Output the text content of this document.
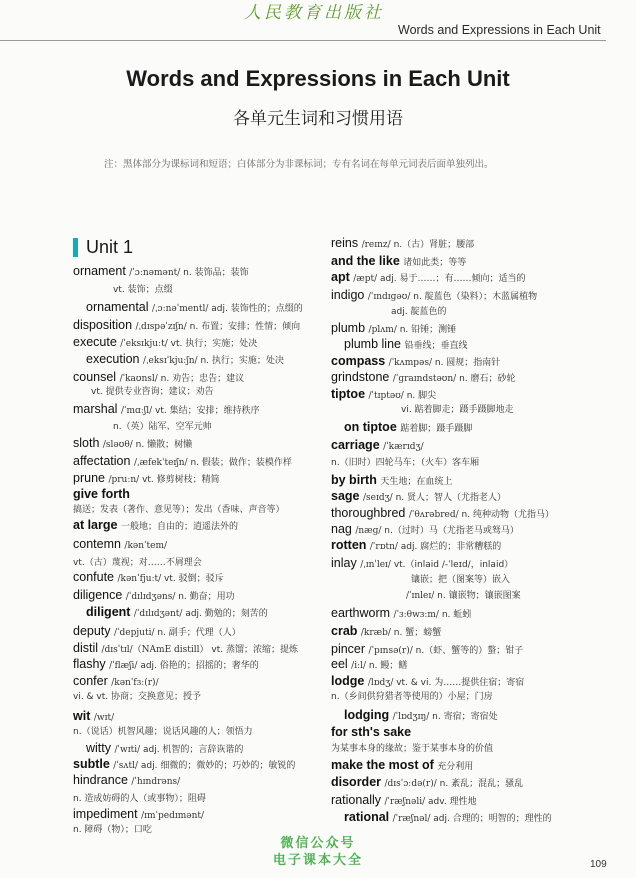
人民教育出版社
Words and Expressions in Each Unit
Words and Expressions in Each Unit
各单元生词和习惯用语
注：黑体部分为课标词和短语；白体部分为非课标词；专有名词在每单元词表后面单独列出。
Unit 1
ornament /ˈɔːnəmənt/ n. 装饰品；装饰
vt. 装饰；点缀
ornamental /ˌɔːnəˈmentl/ adj. 装饰性的；点缀的
disposition /ˌdɪspəˈzɪʃn/ n. 布置；安排；性情；倾向
execute /ˈeksɪkjuːt/ vt. 执行；实施；处决
execution /ˌeksɪˈkjuːʃn/ n. 执行；实施；处决
counsel /ˈkaʊnsl/ n. 劝告；忠告；建议
vt. 提供专业咨询；建议；劝告
marshal /ˈmɑːʃl/ vt. 集结；安排；维持秩序
n.（英）陆军、空军元帅
sloth /sləʊθ/ n. 懒散；树懒
affectation /ˌæfekˈteɪʃn/ n. 假装；做作；装模作样
prune /pruːn/ vt. 修剪树枝；精简
give forth
搞送；发表（著作、意见等）；发出（香味、声音等）
at large 一般地；自由的；逍遥法外的
contemn /kənˈtem/
vt.（古）蔑视；对……不屑理会
confute /kənˈfjuːt/ vt. 驳倒；驳斥
diligence /ˈdɪlɪdʒəns/ n. 勤奋；用功
diligent /ˈdɪlɪdʒənt/ adj. 勤勉的；刻苦的
deputy /ˈdepjuti/ n. 副手；代理（人）
distil /dɪsˈtɪl/（NAmE distill） vt. 蒸馏；浓缩；提炼
flashy /ˈflæʃi/ adj. 俗艳的；招摇的；奢华的
confer /kənˈfɜː(r)/
vi. & vt. 协商；交换意见；授予
wit /wɪt/
n.（说话）机智风趣；说话风趣的人；领悟力
witty /ˈwɪti/ adj. 机智的；言辞诙谐的
subtle /ˈsʌtl/ adj. 细微的；微妙的；巧妙的；敏锐的
hindrance /ˈhɪndrəns/
n. 造成妨碍的人（或事物）；阻碍
impediment /ɪmˈpedɪmənt/
n. 障碍（物）；口吃
reins /reɪnz/ n.（古）肾脏；腰部
and the like 诸如此类；等等
apt /æpt/ adj. 易于……；有……倾向；适当的
indigo /ˈɪndɪɡəʊ/ n. 靛蓝色（染料）；木蓝属植物
adj. 靛蓝色的
plumb /plʌm/ n. 铅锤；测锤
plumb line 铅垂线；垂直线
compass /ˈkʌmpəs/ n. 圆规；指南针
grindstone /ˈɡraɪndstəʊn/ n. 磨石；砂轮
tiptoe /ˈtɪptəʊ/ n. 脚尖
vi. 踮着脚走；蹑手蹑脚地走
on tiptoe 踮着脚；蹑手蹑脚
carriage /ˈkærɪdʒ/
n.（旧时）四轮马车；（火车）客车厢
by birth 天生地；在血统上
sage /seɪdʒ/ n. 贤人；智人（尤指老人）
thoroughbred /ˈθʌrəbred/ n. 纯种动物（尤指马）
nag /næɡ/ n.（过时）马（尤指老马或驽马）
rotten /ˈrɒtn/ adj. 腐烂的；非常糟糕的
inlay /ˌɪnˈleɪ/ vt.（inlaid /-ˈleɪd/，inlaid）
镶嵌；把（图案等）嵌入
/ˈɪnleɪ/ n. 镶嵌物；镶嵌图案
earthworm /ˈɜːθwɜːm/ n. 蚯蚓
crab /kræb/ n. 蟹；螃蟹
pincer /ˈpɪnsə(r)/ n.（虾、蟹等的）螯；钳子
eel /iːl/ n. 鳗；鳝
lodge /lɒdʒ/ vt. & vi. 为……提供住宿；寄宿
n.（乡间供狩猎者等使用的）小屋；门房
lodging /ˈlɒdʒɪŋ/ n. 寄宿；寄宿处
for sth's sake
为某事本身的缘故；鉴于某事本身的价值
make the most of 充分利用
disorder /dɪsˈɔːdə(r)/ n. 紊乱；混乱；骚乱
rationally /ˈræʃnəli/ adv. 理性地
rational /ˈræʃnəl/ adj. 合理的；明智的；理性的
微信公众号
电子课本大全	109
